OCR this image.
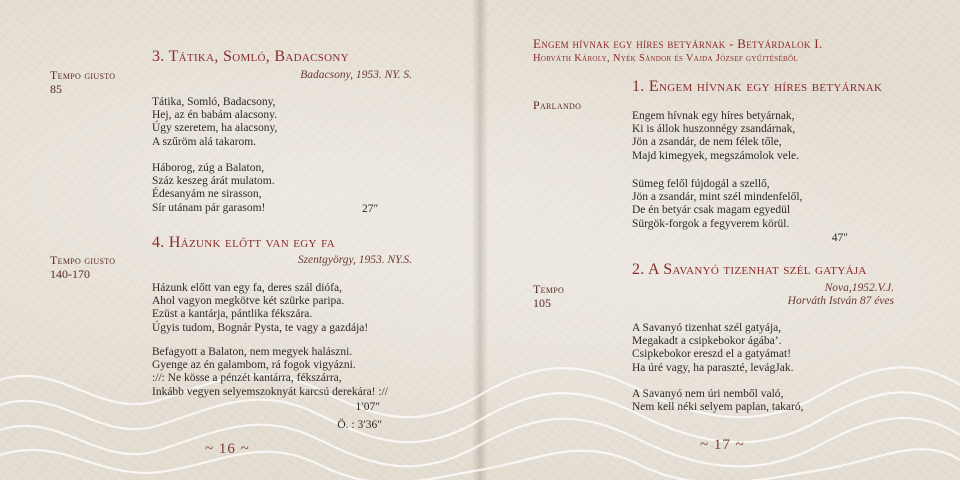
Tempo giusto
85
3. Tátika, Somló, Badacsony
Badacsony, 1953. NY. S.
Tátika, Somló, Badacsony,
Hej, az én babám alacsony.
Úgy szeretem, ha alacsony,
A szűröm alá takarom.
Háborog, zúg a Balaton,
Száz keszeg árát mulatom.
Édesanyám ne sirasson,
Sír utánam pár garasom!	27″
Tempo giusto
140-170
4. Házunk előtt van egy fa
Szentgyörgy, 1953. NY.S.
Házunk előtt van egy fa, deres szál diófa,
Ahol vagyon megkötve két szürke paripa.
Ezüst a kantárja, pántlika fékszára.
Úgyis tudom, Bognár Pysta, te vagy a gazdája!
Befagyott a Balaton, nem megyek halászni.
Gyenge az én galambom, rá fogok vigyázni.
://: Ne kösse a pénzét kantárra, fékszárra,
Inkább vegyen selyemszoknyát karcsú derekára! ://
1′07″
Ö. : 3′36″
~ 16 ~
Engem hívnak egy híres betyárnak - Betyárdalok I.
Horváth Károly, Nyék Sándor és Vajda József gyűjtéséből
Parlando
1. Engem hívnak egy híres betyárnak
Engem hívnak egy híres betyárnak,
Ki is állok huszonnégy zsandárnak,
Jön a zsandár, de nem félek tőle,
Majd kimegyek, megszámolok vele.
Sümeg felől fújdogál a szellő,
Jön a zsandár, mint szél mindenfelől,
De én betyár csak magam egyedül
Sürgök-forgok a fegyverem körül.
47″
Tempo
105
2. A Savanyó tizenhat szél gatyája
Nova,1952.V.J.
Horváth István 87 éves
A Savanyó tizenhat szél gatyája,
Megakadt a csipkebokor ágába’.
Csipkebokor ereszd el a gatyámat!
Ha úré vagy, ha paraszté, levágJak.
A Savanyó nem úri nemből való,
Nem kell néki selyem paplan, takaró,
~ 17 ~
